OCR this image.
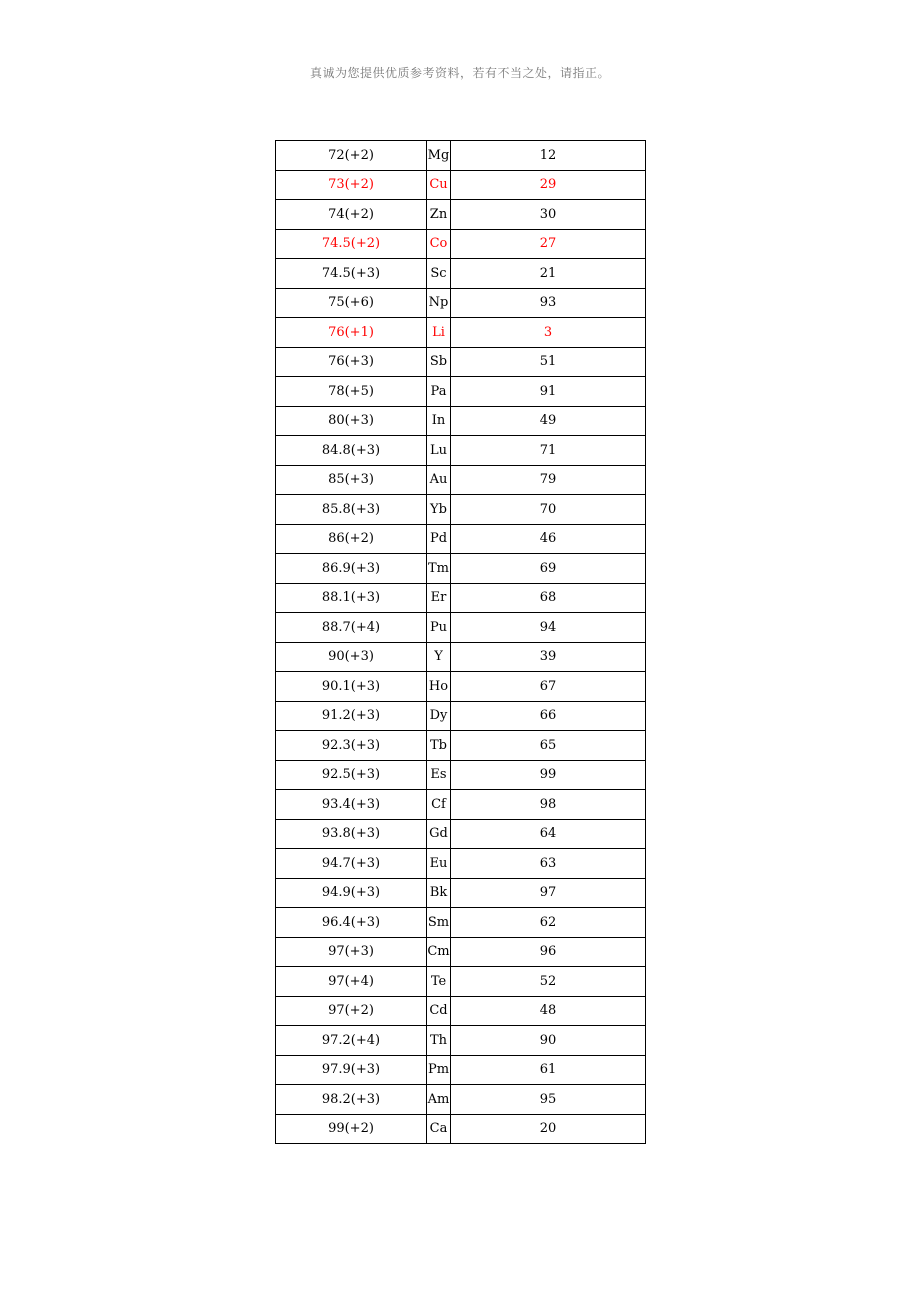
真诚为您提供优质参考资料，若有不当之处，请指正。
72(+2)	Mg	12
73(+2)	Cu	29
74(+2)	Zn	30
74.5(+2)	Co	27
74.5(+3)	Sc	21
75(+6)	Np	93
76(+1)	Li	3
76(+3)	Sb	51
78(+5)	Pa	91
80(+3)	In	49
84.8(+3)	Lu	71
85(+3)	Au	79
85.8(+3)	Yb	70
86(+2)	Pd	46
86.9(+3)	Tm	69
88.1(+3)	Er	68
88.7(+4)	Pu	94
90(+3)	Y	39
90.1(+3)	Ho	67
91.2(+3)	Dy	66
92.3(+3)	Tb	65
92.5(+3)	Es	99
93.4(+3)	Cf	98
93.8(+3)	Gd	64
94.7(+3)	Eu	63
94.9(+3)	Bk	97
96.4(+3)	Sm	62
97(+3)	Cm	96
97(+4)	Te	52
97(+2)	Cd	48
97.2(+4)	Th	90
97.9(+3)	Pm	61
98.2(+3)	Am	95
99(+2)	Ca	20
